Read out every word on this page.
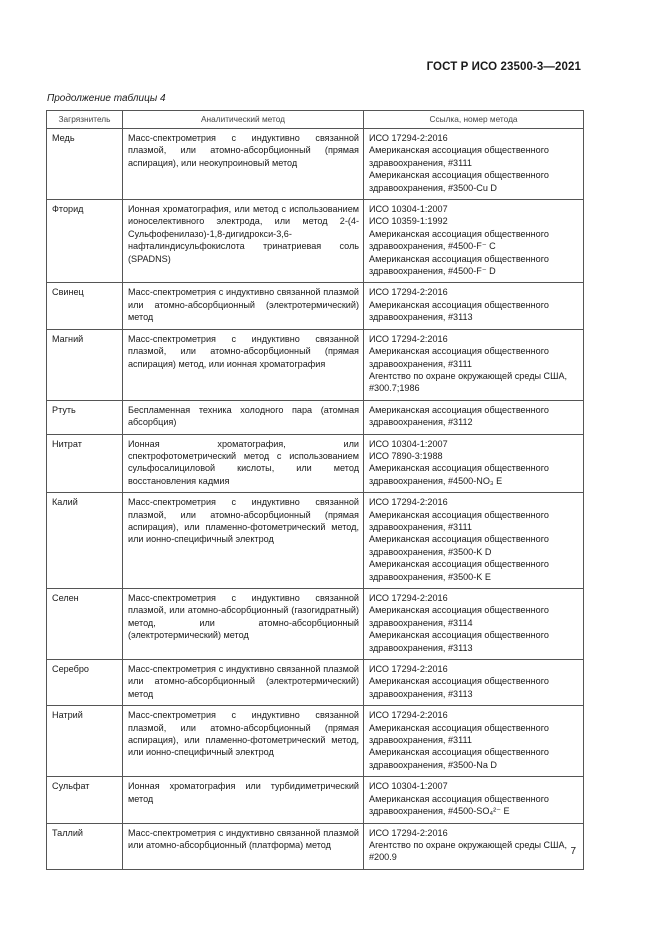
ГОСТ Р ИСО 23500-3—2021
Продолжение таблицы 4
Загрязнитель	Аналитический метод	Ссылка, номер метода
Медь	Масс-спектрометрия с индуктивно связанной плазмой, или атомно-абсорбционный (прямая аспирация), или неокупроиновый метод	ИСО 17294-2:2016
Американская ассоциация общественного здравоохранения, #3111
Американская ассоциация общественного здравоохранения, #3500-Cu D

Фторид	Ионная хроматография, или метод с использованием ионоселективного электрода, или метод 2-(4-Сульфофенилазо)-1,8-дигидрокси-3,6-нафталиндисульфокислота тринатриевая соль (SPADNS)	ИСО 10304-1:2007
ИСО 10359-1:1992
Американская ассоциация общественного здравоохранения, #4500-F⁻ C
Американская ассоциация общественного здравоохранения, #4500-F⁻ D

Свинец	Масс-спектрометрия с индуктивно связанной плазмой или атомно-абсорбционный (электротермический) метод	ИСО 17294-2:2016
Американская ассоциация общественного здравоохранения, #3113

Магний	Масс-спектрометрия с индуктивно связанной плазмой, или атомно-абсорбционный (прямая аспирация) метод, или ионная хроматография	ИСО 17294-2:2016
Американская ассоциация общественного здравоохранения, #3111
Агентство по охране окружающей среды США, #300.7;1986

Ртуть	Беспламенная техника холодного пара (атомная абсорбция)	Американская ассоциация общественного здравоохранения, #3112

Нитрат	Ионная хроматография, или спектрофотометрический метод с использованием сульфосалициловой кислоты, или метод восстановления кадмия	ИСО 10304-1:2007
ИСО 7890-3:1988
Американская ассоциация общественного здравоохранения, #4500-NO₃ E

Калий	Масс-спектрометрия с индуктивно связанной плазмой, или атомно-абсорбционный (прямая аспирация), или пламенно-фотометрический метод, или ионно-специфичный электрод	ИСО 17294-2:2016
Американская ассоциация общественного здравоохранения, #3111
Американская ассоциация общественного здравоохранения, #3500-K D
Американская ассоциация общественного здравоохранения, #3500-K E

Селен	Масс-спектрометрия с индуктивно связанной плазмой, или атомно-абсорбционный (газогидратный) метод, или атомно-абсорбционный (электротермический) метод	ИСО 17294-2:2016
Американская ассоциация общественного здравоохранения, #3114
Американская ассоциация общественного здравоохранения, #3113

Серебро	Масс-спектрометрия с индуктивно связанной плазмой или атомно-абсорбционный (электротермический) метод	ИСО 17294-2:2016
Американская ассоциация общественного здравоохранения, #3113

Натрий	Масс-спектрометрия с индуктивно связанной плазмой, или атомно-абсорбционный (прямая аспирация), или пламенно-фотометрический метод, или ионно-специфичный электрод	ИСО 17294-2:2016
Американская ассоциация общественного здравоохранения, #3111
Американская ассоциация общественного здравоохранения, #3500-Na D

Сульфат	Ионная хроматография или турбидиметрический метод	ИСО 10304-1:2007
Американская ассоциация общественного здравоохранения, #4500-SO₄²⁻ E

Таллий	Масс-спектрометрия с индуктивно связанной плазмой или атомно-абсорбционный (платформа) метод	ИСО 17294-2:2016
Агентство по охране окружающей среды США, #200.9
7
